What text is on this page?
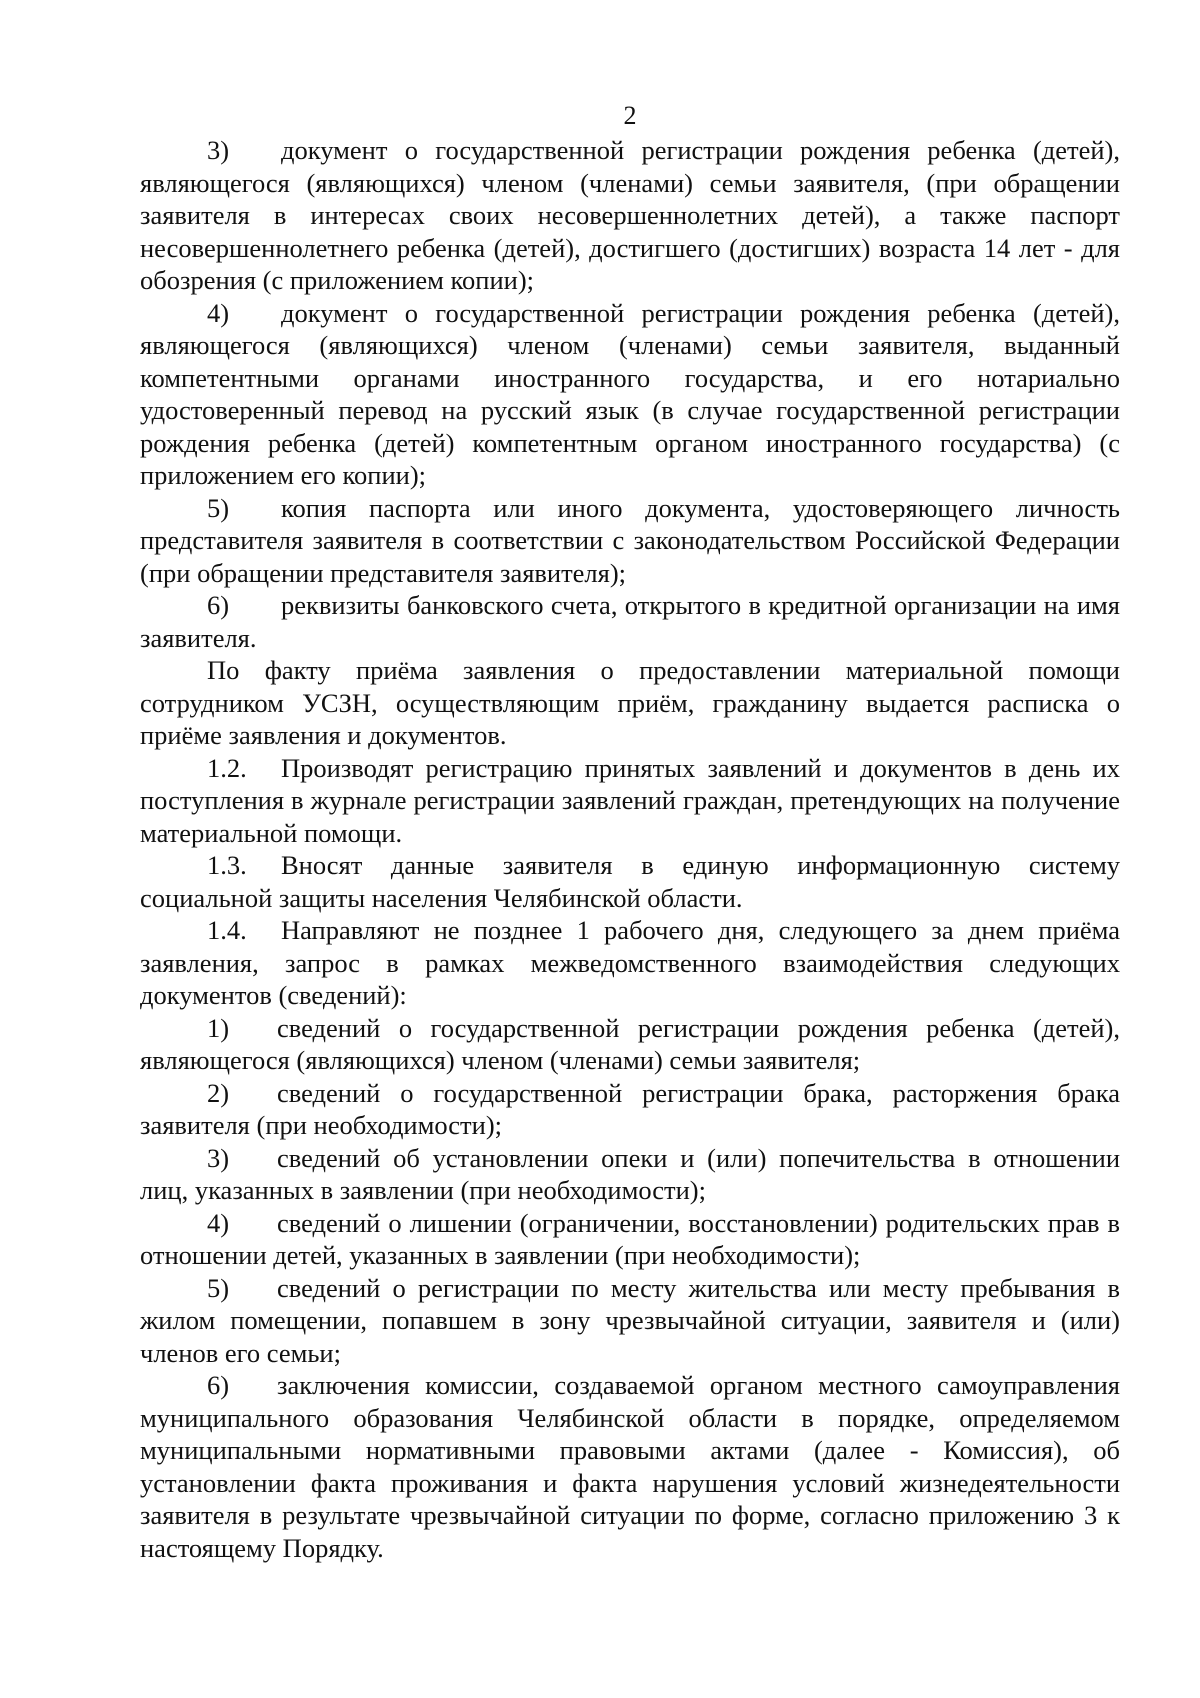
2

3) документ о государственной регистрации рождения ребенка (детей), являющегося (являющихся) членом (членами) семьи заявителя, (при обращении заявителя в интересах своих несовершеннолетних детей), а также паспорт несовершеннолетнего ребенка (детей), достигшего (достигших) возраста 14 лет - для обозрения (с приложением копии);

4) документ о государственной регистрации рождения ребенка (детей), являющегося (являющихся) членом (членами) семьи заявителя, выданный компетентными органами иностранного государства, и его нотариально удостоверенный перевод на русский язык (в случае государственной регистрации рождения ребенка (детей) компетентным органом иностранного государства) (с приложением его копии);

5) копия паспорта или иного документа, удостоверяющего личность представителя заявителя в соответствии с законодательством Российской Федерации (при обращении представителя заявителя);

6) реквизиты банковского счета, открытого в кредитной организации на имя заявителя.

По факту приёма заявления о предоставлении материальной помощи сотрудником УСЗН, осуществляющим приём, гражданину выдается расписка о приёме заявления и документов.

1.2. Производят регистрацию принятых заявлений и документов в день их поступления в журнале регистрации заявлений граждан, претендующих на получение материальной помощи.

1.3. Вносят данные заявителя в единую информационную систему социальной защиты населения Челябинской области.

1.4. Направляют не позднее 1 рабочего дня, следующего за днем приёма заявления, запрос в рамках межведомственного взаимодействия следующих документов (сведений):

1) сведений о государственной регистрации рождения ребенка (детей), являющегося (являющихся) членом (членами) семьи заявителя;

2) сведений о государственной регистрации брака, расторжения брака заявителя (при необходимости);

3) сведений об установлении опеки и (или) попечительства в отношении лиц, указанных в заявлении (при необходимости);

4) сведений о лишении (ограничении, восстановлении) родительских прав в отношении детей, указанных в заявлении (при необходимости);

5) сведений о регистрации по месту жительства или месту пребывания в жилом помещении, попавшем в зону чрезвычайной ситуации, заявителя и (или) членов его семьи;

6) заключения комиссии, создаваемой органом местного самоуправления муниципального образования Челябинской области в порядке, определяемом муниципальными нормативными правовыми актами (далее - Комиссия), об установлении факта проживания и факта нарушения условий жизнедеятельности заявителя в результате чрезвычайной ситуации по форме, согласно приложению 3 к настоящему Порядку.
